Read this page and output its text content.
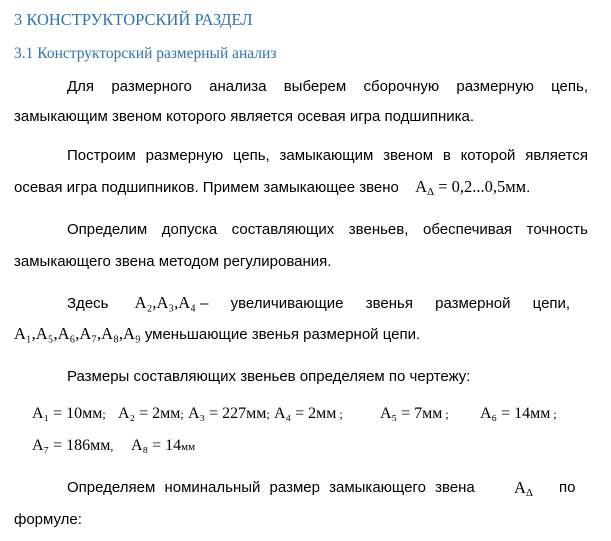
3 КОНСТРУКТОРСКИЙ РАЗДЕЛ
3.1 Конструкторский размерный анализ
Для размерного анализа выберем сборочную размерную цепь,
замыкающим звеном которого является осевая игра подшипника.
Построим размерную цепь, замыкающим звеном в которой является
осевая игра подшипников. Примем замыкающее звено $A_\Delta = 0,2...0,5мм$.
Определим допуска составляющих звеньев, обеспечивая точность
замыкающего звена методом регулирования.
Здесь A₂,A₃,A₄ – увеличивающие звенья размерной цепи,
A₁,A₅,A₆,A₇,A₈,A₉ уменьшающие звенья размерной цепи.
Размеры составляющих звеньев определяем по чертежу:
A₁ = 10мм; A₂ = 2мм; A₃ = 227мм; A₄ = 2мм ; A₅ = 7мм ; A₆ = 14мм ;
A₇ = 186мм, A₈ = 14мм
Определяем номинальный размер замыкающего звена $A_\Delta$ по
формуле:
